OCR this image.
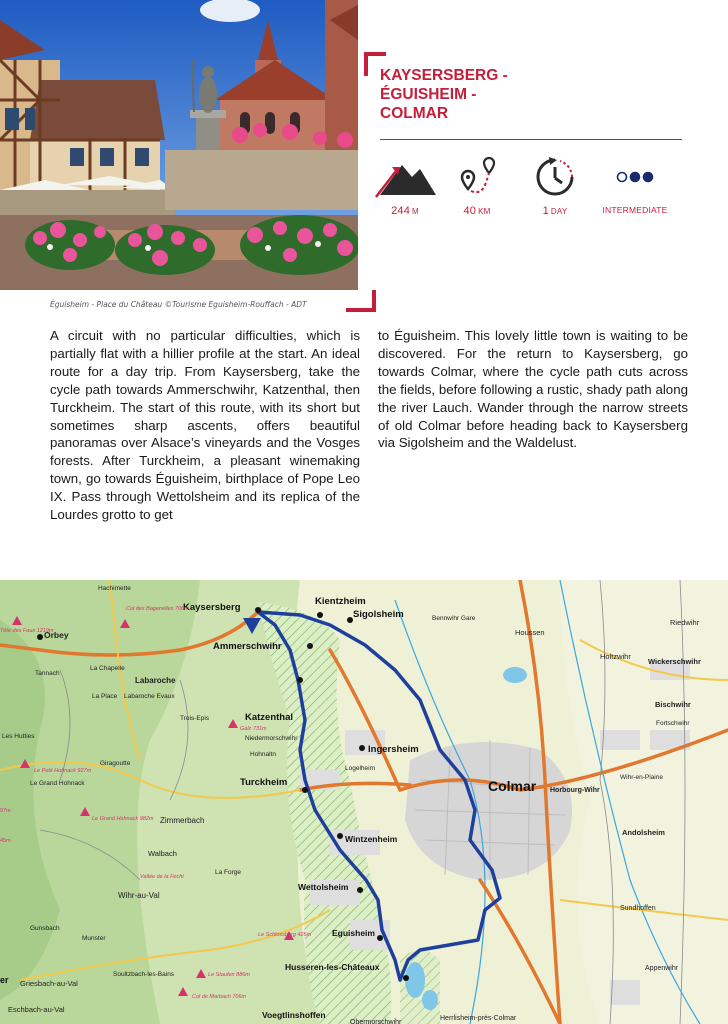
Éguisheim - Place du Château ©Tourisme Eguisheim-Rouffach - ADT
KAYSERSBERG -
ÉGUISHEIM -
COLMAR
244 M	40 KM	1 DAY	INTERMEDIATE
A circuit with no particular difficulties, which is partially flat with a hillier profile at the start. An ideal route for a day trip. From Kaysersberg, take the cycle path towards Ammerschwihr, Katzenthal, then Turckheim. The start of this route, with its short but sometimes sharp ascents, offers beautiful panoramas over Alsace’s vineyards and the Vosges forests. After Turckheim, a pleasant winemaking town, go towards Éguisheim, birthplace of Pope Leo IX. Pass through Wettolsheim and its replica of the Lourdes grotto to get
to Éguisheim. This lovely little town is waiting to be discovered. For the return to Kaysersberg, go towards Colmar, where the cycle path cuts across the fields, before following a rustic, shady path along the river Lauch. Wander through the narrow streets of old Colmar before heading back to Kaysersberg via Sigolsheim and the Waldelust.
Kaysersberg
Kientzheim
Sigolsheim
Ammerschwihr
Katzenthal
Ingersheim
Turckheim	Colmar
Wintzenheim
Wettolsheim
Eguisheim
Husseren-les-Châteaux
Voegtlinshoffen
Hachimette
Orbey
Tannach
La Chapelle
Labaroche
La Place Labaroche Evaux
Trois-Epis
Les Hutties
Le Grand Hohnack
Giragoutte
Niedermorschwihr
Hohnaltn
Zimmerbach
Walbach
La Forge
Wihr-au-Val
Gunsbach
Munster
Griesbach-au-Val
Eschbach-au-Val
Soultzbach-les-Bains
Logelheim
Houssen
Riedwihr
Holtzwihr
Wickerschwihr
Bischwihr
Fortschwihr
Horbourg-Wihr
Wihr-en-Plaine
Andolsheim
Sundhoffen
Appenwihr
Herrlisheim-près-Colmar
Obermorschwihr
Bennwihr Gare
Tête des Faux 1219m
Col des Bagenelles 706m
Galz 731m
Le Petit Hohnack 927m
Le Grand Hohnack 982m
Vallée de la Fecht
Le Schlossberg 425m
Le Staufen 886m
Col de Marbach 706m
er
45m
97m
